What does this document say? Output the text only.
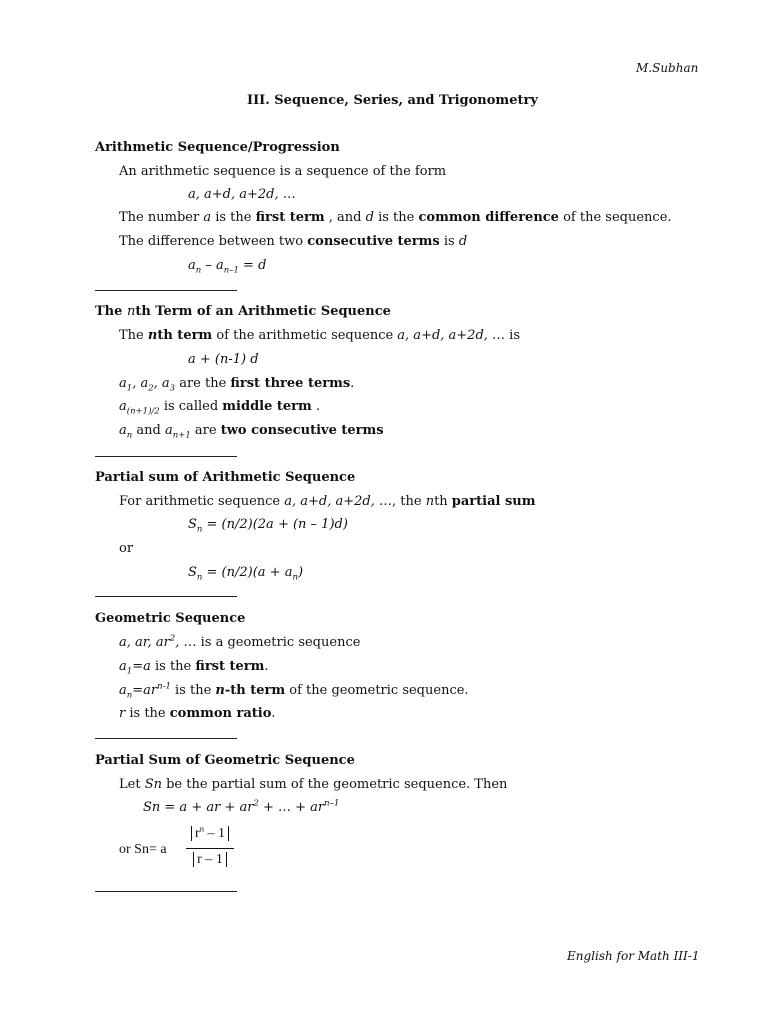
M.Subhan
III. Sequence, Series, and Trigonometry
Arithmetic Sequence/Progression
An arithmetic sequence is a sequence of the form
a, a+d, a+2d, …
The number a is the first term , and d is the common difference of the sequence.
The difference between two consecutive terms is d
$a_n - a_{n-1} = d$
The nth Term of an Arithmetic Sequence
The nth term of the arithmetic sequence a, a+d, a+2d, … is
a + (n-1) d
$a_1$, $a_2$, $a_3$ are the first three terms.
$a_{(n+1)/2}$ is called middle term .
$a_n$ and $a_{n+1}$ are two consecutive terms
Partial sum of Arithmetic Sequence
For arithmetic sequence a, a+d, a+2d, …, the nth partial sum
$S_n = (n/2)(2a + (n - 1)d)$
or
$S_n = (n/2)(a + a_n)$
Geometric Sequence
a, ar, $ar^2$, … is a geometric sequence
$a_1=a$ is the first term.
$a_n=ar^{n-1}$ is the n-th term of the geometric sequence.
r is the common ratio.
Partial Sum of Geometric Sequence
Let Sn be the partial sum of the geometric sequence. Then
Sn = a + ar + $ar^2$ + … + $ar^{n-1}$
or Sn= a
$r^n - 1$
r – 1
English for Math III-1
